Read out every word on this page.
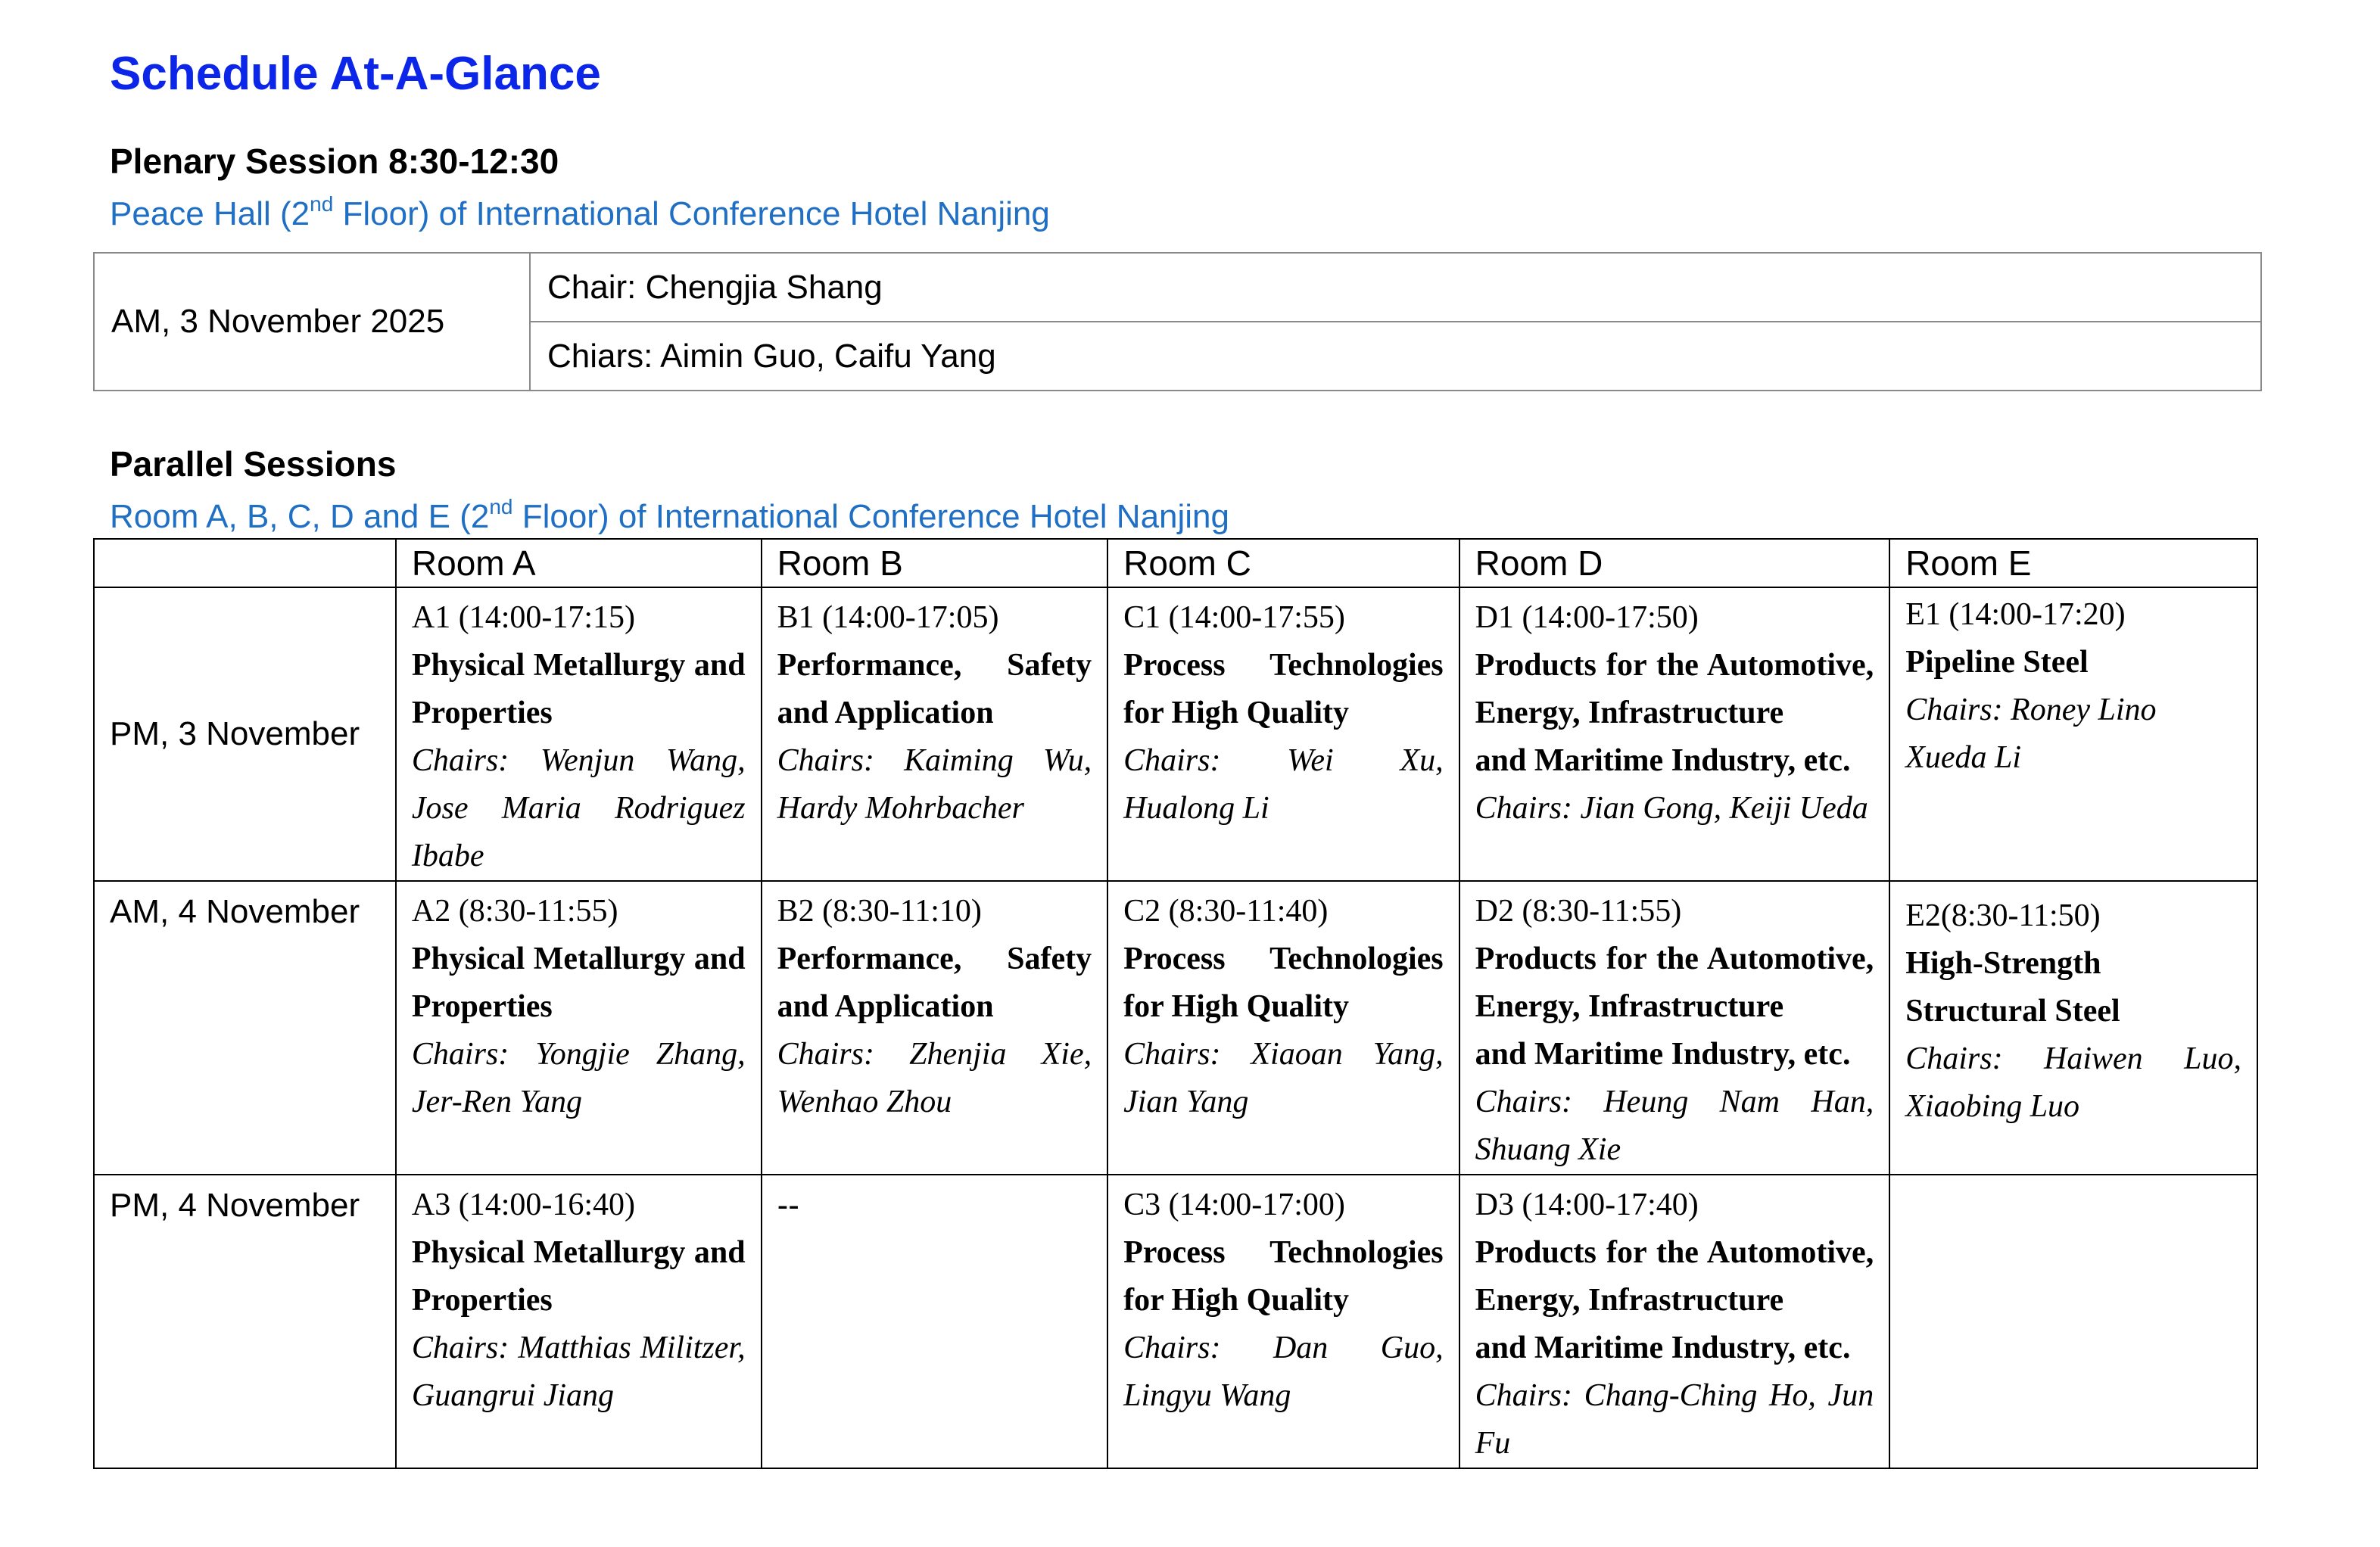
Schedule At-A-Glance

Plenary Session 8:30-12:30

Peace Hall (2nd Floor) of International Conference Hotel Nanjing

AM, 3 November 2025	Chair: Chengjia Shang
Chiars: Aimin Guo, Caifu Yang

Parallel Sessions

Room A, B, C, D and E (2nd Floor) of International Conference Hotel Nanjing

	Room A	Room B	Room C	Room D	Room E
PM, 3 November	A1 (14:00-17:15)
Physical Metallurgy and Properties
Chairs: Wenjun Wang, Jose Maria Rodriguez Ibabe	B1 (14:00-17:05)
Performance, Safety and Application
Chairs: Kaiming Wu, Hardy Mohrbacher	C1 (14:00-17:55)
Process Technologies for High Quality
Chairs: Wei Xu, Hualong Li	D1 (14:00-17:50)
Products for the Automotive, Energy, Infrastructure
and Maritime Industry, etc.
Chairs: Jian Gong, Keiji Ueda	E1 (14:00-17:20)
Pipeline Steel
Chairs: Roney Lino
Xueda Li

AM, 4 November	A2 (8:30-11:55)
Physical Metallurgy and Properties
Chairs: Yongjie Zhang, Jer-Ren Yang	B2 (8:30-11:10)
Performance, Safety and Application
Chairs: Zhenjia Xie, Wenhao Zhou	C2 (8:30-11:40)
Process Technologies for High Quality
Chairs: Xiaoan Yang, Jian Yang	D2 (8:30-11:55)
Products for the Automotive, Energy, Infrastructure
and Maritime Industry, etc.
Chairs: Heung Nam Han, Shuang Xie	E2(8:30-11:50)
High-Strength Structural Steel
Chairs: Haiwen Luo, Xiaobing Luo

PM, 4 November	A3 (14:00-16:40)
Physical Metallurgy and Properties
Chairs: Matthias Militzer, Guangrui Jiang	--	C3 (14:00-17:00)
Process Technologies for High Quality
Chairs: Dan Guo, Lingyu Wang	D3 (14:00-17:40)
Products for the Automotive, Energy, Infrastructure
and Maritime Industry, etc.
Chairs: Chang-Ching Ho, Jun Fu	
